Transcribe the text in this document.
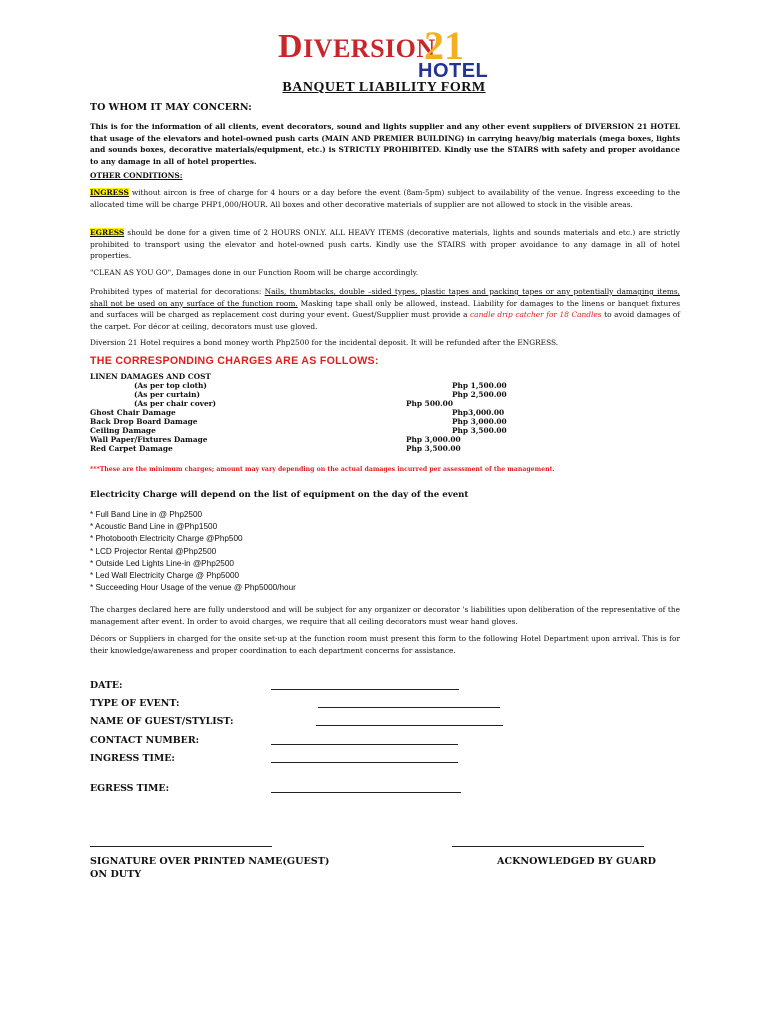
DIVERSION
21
HOTEL
BANQUET LIABILITY FORM
TO WHOM IT MAY CONCERN:
This is for the information of all clients, event decorators, sound and lights supplier and any other event suppliers of DIVERSION 21 HOTEL that usage of the elevators and hotel-owned push carts (MAIN AND PREMIER BUILDING) in carrying heavy/big materials (mega boxes, lights and sounds boxes, decorative materials/equipment, etc.) is STRICTLY PROHIBITED. Kindly use the STAIRS with safety and proper avoidance to any damage in all of hotel properties.
OTHER CONDITIONS:
INGRESS without aircon is free of charge for 4 hours or a day before the event (8am-5pm) subject to availability of the venue. Ingress exceeding to the allocated time will be charge PHP1,000/HOUR. All boxes and other decorative materials of supplier are not allowed to stock in the visible areas.
EGRESS should be done for a given time of 2 HOURS ONLY. ALL HEAVY ITEMS (decorative materials, lights and sounds materials and etc.) are strictly prohibited to transport using the elevator and hotel-owned push carts. Kindly use the STAIRS with proper avoidance to any damage in all of hotel properties.
"CLEAN AS YOU GO", Damages done in our Function Room will be charge accordingly.
Prohibited types of material for decorations: Nails, thumbtacks, double –sided types, plastic tapes and packing tapes or any potentially damaging items, shall not be used on any surface of the function room. Masking tape shall only be allowed, instead. Liability for damages to the linens or banquet fixtures and surfaces will be charged as replacement cost during your event. Guest/Supplier must provide a candle drip catcher for 18 Candles to avoid damages of the carpet. For décor at ceiling, decorators must use gloved.
Diversion 21 Hotel requires a bond money worth Php2500 for the incidental deposit. It will be refunded after the ENGRESS.
THE CORRESPONDING CHARGES ARE AS FOLLOWS:
LINEN DAMAGES AND COST
(As per top cloth)	Php 1,500.00
(As per curtain)	Php 2,500.00
(As per chair cover)	Php 500.00
Ghost Chair Damage	Php3,000.00
Back Drop Board Damage	Php 3,000.00
Ceiling Damage	Php 3,500.00
Wall Paper/Fixtures Damage	Php 3,000.00
Red Carpet Damage	Php 3,500.00
***These are the minimum charges; amount may vary depending on the actual damages incurred per assessment of the management.
Electricity Charge will depend on the list of equipment on the day of the event
* Full Band Line in @ Php2500
* Acoustic Band Line in @Php1500
* Photobooth Electricity Charge @Php500
* LCD Projector Rental @Php2500
* Outside Led Lights Line-in @Php2500
* Led Wall Electricity Charge @ Php5000
* Succeeding Hour Usage of the venue @ Php5000/hour
The charges declared here are fully understood and will be subject for any organizer or decorator 's liabilities upon deliberation of the representative of the management after event. In order to avoid charges, we require that all ceiling decorators must wear hand gloves.
Décors or Suppliers in charged for the onsite set-up at the function room must present this form to the following Hotel Department upon arrival. This is for their knowledge/awareness and proper coordination to each department concerns for assistance.
DATE:
TYPE OF EVENT:
NAME OF GUEST/STYLIST:
CONTACT NUMBER:
INGRESS TIME:
EGRESS TIME:
SIGNATURE OVER PRINTED NAME(GUEST)	ACKNOWLEDGED BY GUARD
ON DUTY
